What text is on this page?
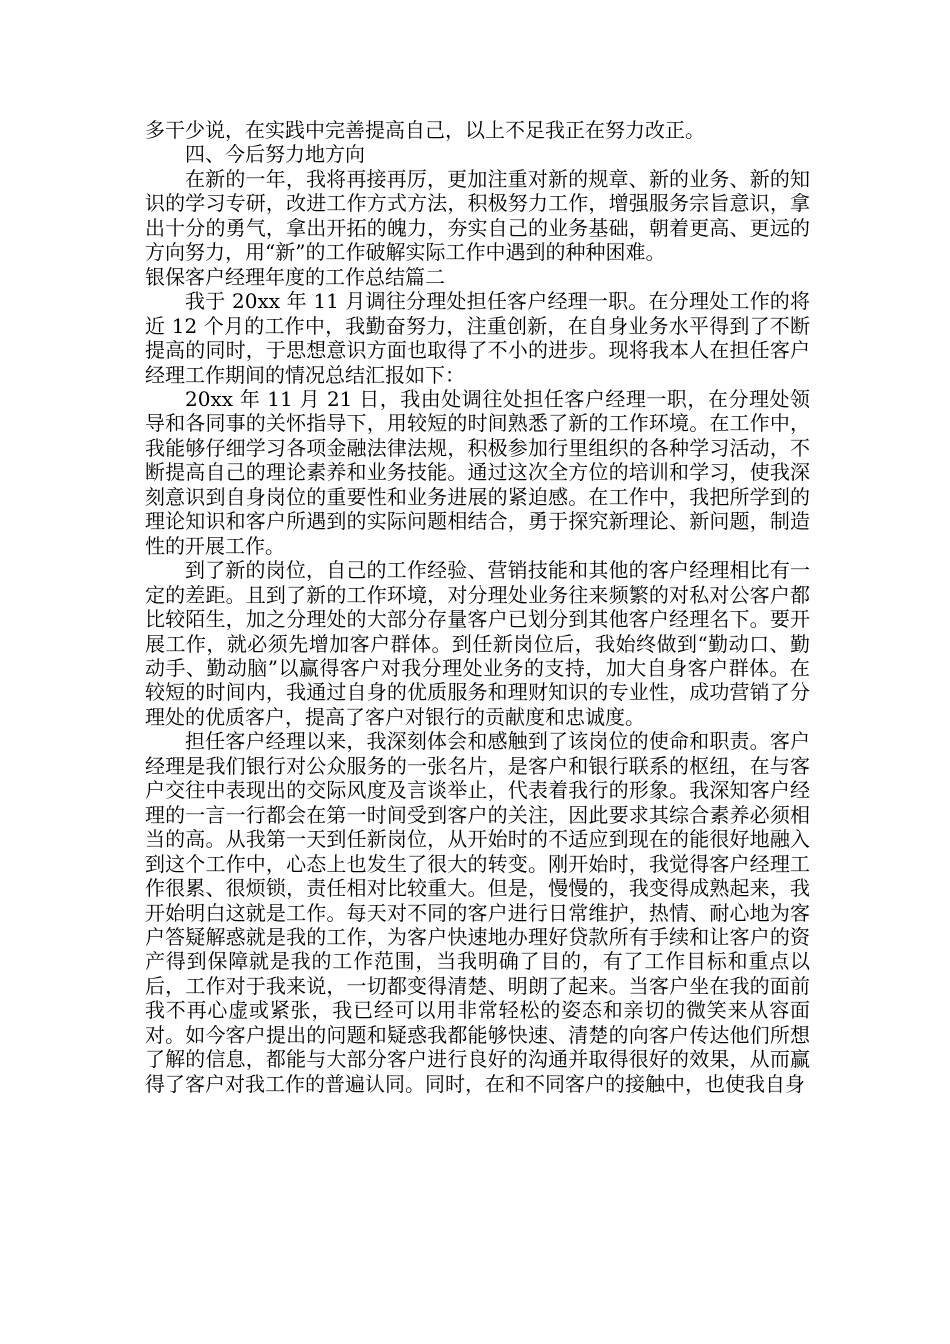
多干少说，在实践中完善提高自己，以上不足我正在努力改正。

四、今后努力地方向

在新的一年，我将再接再厉，更加注重对新的规章、新的业务、新的知识的学习专研，改进工作方式方法，积极努力工作，增强服务宗旨意识，拿出十分的勇气，拿出开拓的魄力，夯实自己的业务基础，朝着更高、更远的方向努力，用“新”的工作破解实际工作中遇到的种种困难。

银保客户经理年度的工作总结篇二

我于 20xx 年 11 月调往分理处担任客户经理一职。在分理处工作的将近 12 个月的工作中，我勤奋努力，注重创新，在自身业务水平得到了不断提高的同时，于思想意识方面也取得了不小的进步。现将我本人在担任客户经理工作期间的情况总结汇报如下：

20xx 年 11 月 21 日，我由处调往处担任客户经理一职，在分理处领导和各同事的关怀指导下，用较短的时间熟悉了新的工作环境。在工作中，我能够仔细学习各项金融法律法规，积极参加行里组织的各种学习活动，不断提高自己的理论素养和业务技能。通过这次全方位的培训和学习，使我深刻意识到自身岗位的重要性和业务进展的紧迫感。在工作中，我把所学到的理论知识和客户所遇到的实际问题相结合，勇于探究新理论、新问题，制造性的开展工作。

到了新的岗位，自己的工作经验、营销技能和其他的客户经理相比有一定的差距。且到了新的工作环境，对分理处业务往来频繁的对私对公客户都比较陌生，加之分理处的大部分存量客户已划分到其他客户经理名下。要开展工作，就必须先增加客户群体。到任新岗位后，我始终做到“勤动口、勤动手、勤动脑”以赢得客户对我分理处业务的支持，加大自身客户群体。在较短的时间内，我通过自身的优质服务和理财知识的专业性，成功营销了分理处的优质客户，提高了客户对银行的贡献度和忠诚度。

担任客户经理以来，我深刻体会和感触到了该岗位的使命和职责。客户经理是我们银行对公众服务的一张名片，是客户和银行联系的枢纽，在与客户交往中表现出的交际风度及言谈举止，代表着我行的形象。我深知客户经理的一言一行都会在第一时间受到客户的关注，因此要求其综合素养必须相当的高。从我第一天到任新岗位，从开始时的不适应到现在的能很好地融入到这个工作中，心态上也发生了很大的转变。刚开始时，我觉得客户经理工作很累、很烦锁，责任相对比较重大。但是，慢慢的，我变得成熟起来，我开始明白这就是工作。每天对不同的客户进行日常维护，热情、耐心地为客户答疑解惑就是我的工作，为客户快速地办理好贷款所有手续和让客户的资产得到保障就是我的工作范围，当我明确了目的，有了工作目标和重点以后，工作对于我来说，一切都变得清楚、明朗了起来。当客户坐在我的面前我不再心虚或紧张，我已经可以用非常轻松的姿态和亲切的微笑来从容面对。如今客户提出的问题和疑惑我都能够快速、清楚的向客户传达他们所想了解的信息，都能与大部分客户进行良好的沟通并取得很好的效果，从而赢得了客户对我工作的普遍认同。同时，在和不同客户的接触中，也使我自身
